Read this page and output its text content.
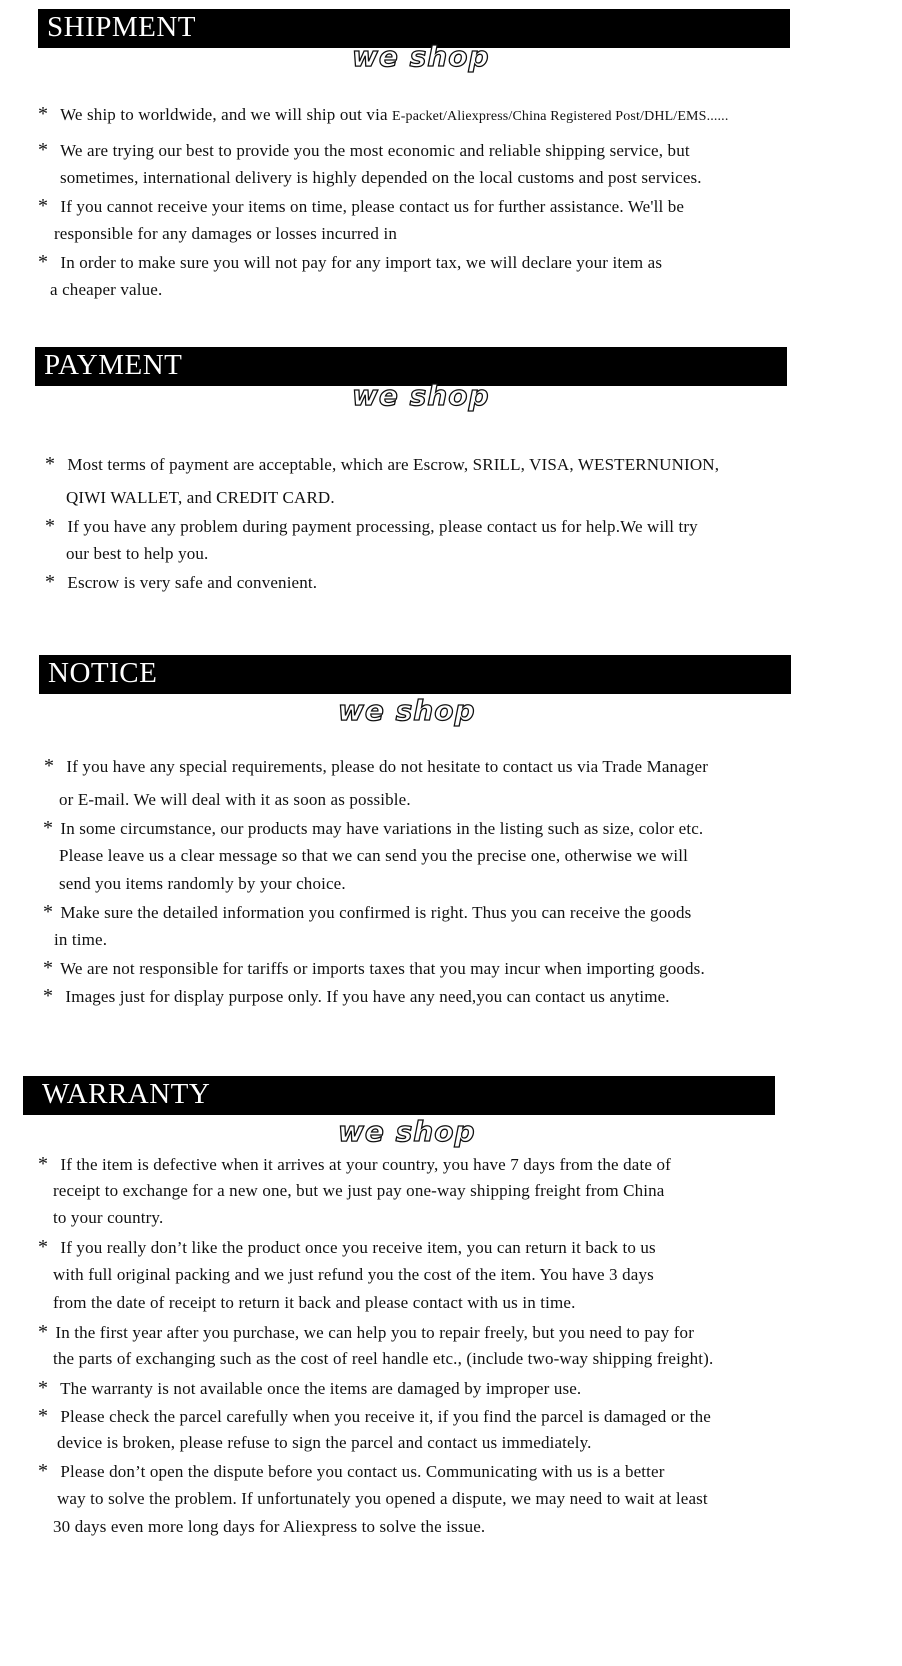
SHIPMENT
we shop
* We ship to worldwide, and we will ship out via E-packet/Aliexpress/China Registered Post/DHL/EMS......
* We are trying our best to provide you the most economic and reliable shipping service, but
sometimes, international delivery is highly depended on the local customs and post services.
* If you cannot receive your items on time, please contact us for further assistance. We'll be
responsible for any damages or losses incurred in
* In order to make sure you will not pay for any import tax, we will declare your item as
a cheaper value.
PAYMENT
we shop
* Most terms of payment are acceptable, which are Escrow, SRILL, VISA, WESTERNUNION,
QIWI WALLET, and CREDIT CARD.
* If you have any problem during payment processing, please contact us for help.We will try
our best to help you.
* Escrow is very safe and convenient.
NOTICE
we shop
* If you have any special requirements, please do not hesitate to contact us via Trade Manager
or E-mail. We will deal with it as soon as possible.
* In some circumstance, our products may have variations in the listing such as size, color etc.
Please leave us a clear message so that we can send you the precise one, otherwise we will
send you items randomly by your choice.
* Make sure the detailed information you confirmed is right. Thus you can receive the goods
in time.
* We are not responsible for tariffs or imports taxes that you may incur when importing goods.
* Images just for display purpose only. If you have any need,you can contact us anytime.
WARRANTY
we shop
* If the item is defective when it arrives at your country, you have 7 days from the date of
receipt to exchange for a new one, but we just pay one-way shipping freight from China
to your country.
* If you really don’t like the product once you receive item, you can return it back to us
with full original packing and we just refund you the cost of the item. You have 3 days
from the date of receipt to return it back and please contact with us in time.
* In the first year after you purchase, we can help you to repair freely, but you need to pay for
the parts of exchanging such as the cost of reel handle etc., (include two-way shipping freight).
* The warranty is not available once the items are damaged by improper use.
* Please check the parcel carefully when you receive it, if you find the parcel is damaged or the
device is broken, please refuse to sign the parcel and contact us immediately.
* Please don’t open the dispute before you contact us. Communicating with us is a better
way to solve the problem. If unfortunately you opened a dispute, we may need to wait at least
30 days even more long days for Aliexpress to solve the issue.
